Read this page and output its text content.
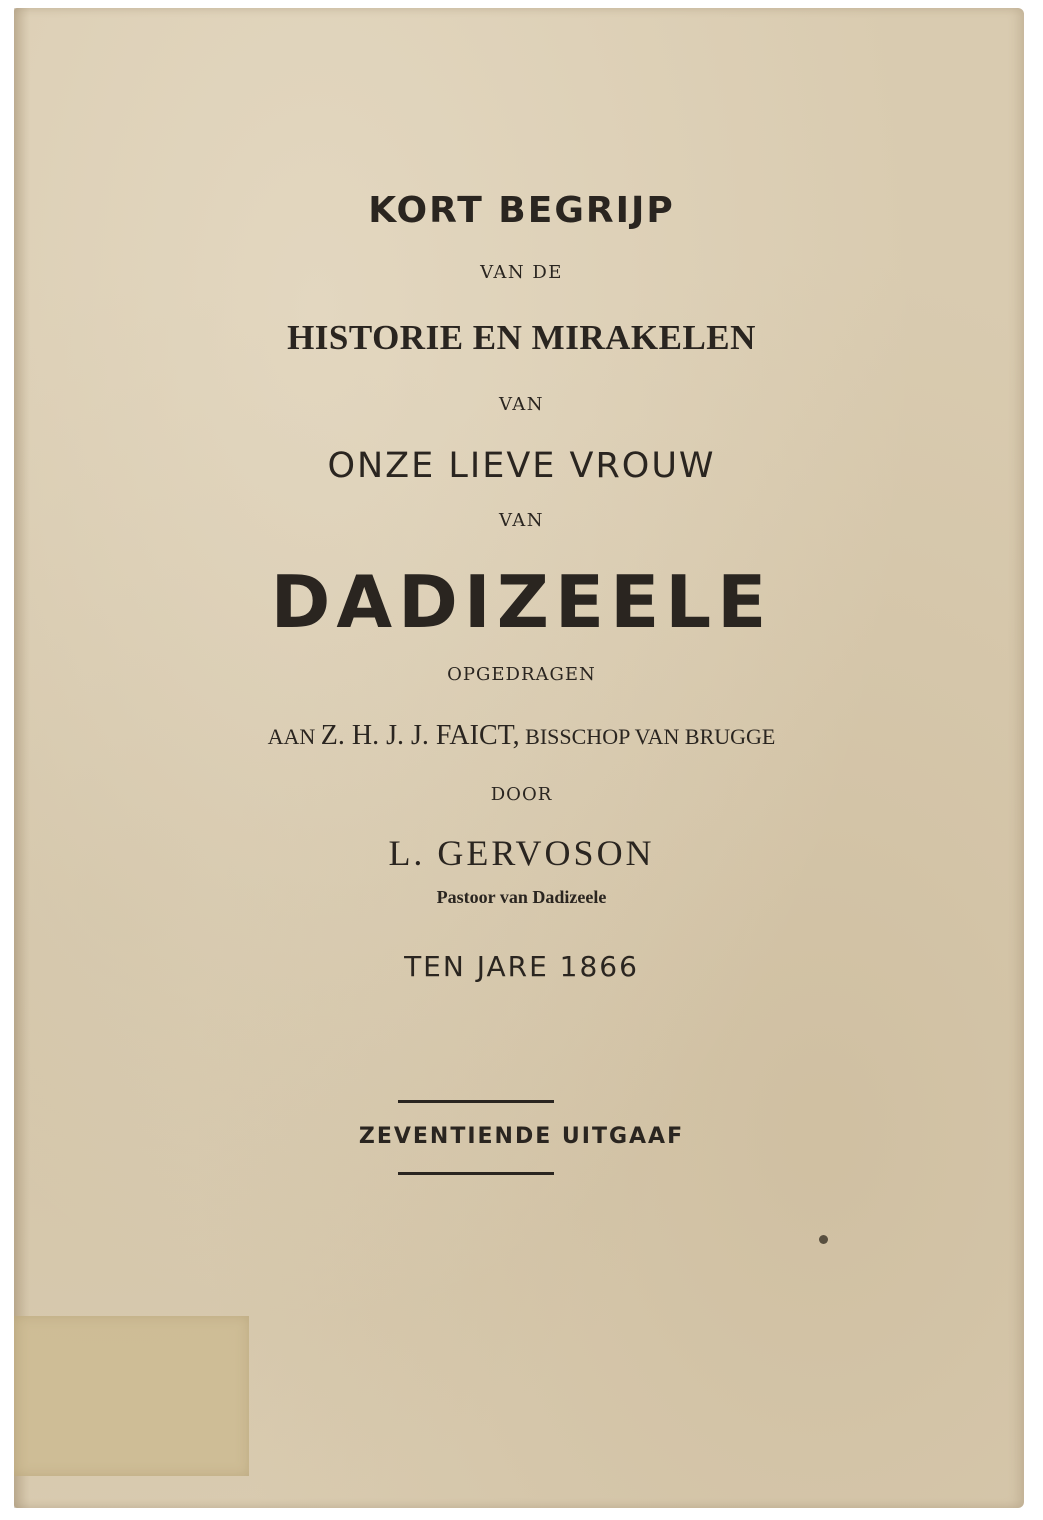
KORT BEGRIJP
VAN DE
HISTORIE EN MIRAKELEN
VAN
ONZE LIEVE VROUW
VAN
DADIZEELE
OPGEDRAGEN
AAN Z. H. J. J. FAICT, BISSCHOP VAN BRUGGE
DOOR
L. GERVOSON
Pastoor van Dadizeele
TEN JARE 1866
ZEVENTIENDE UITGAAF
